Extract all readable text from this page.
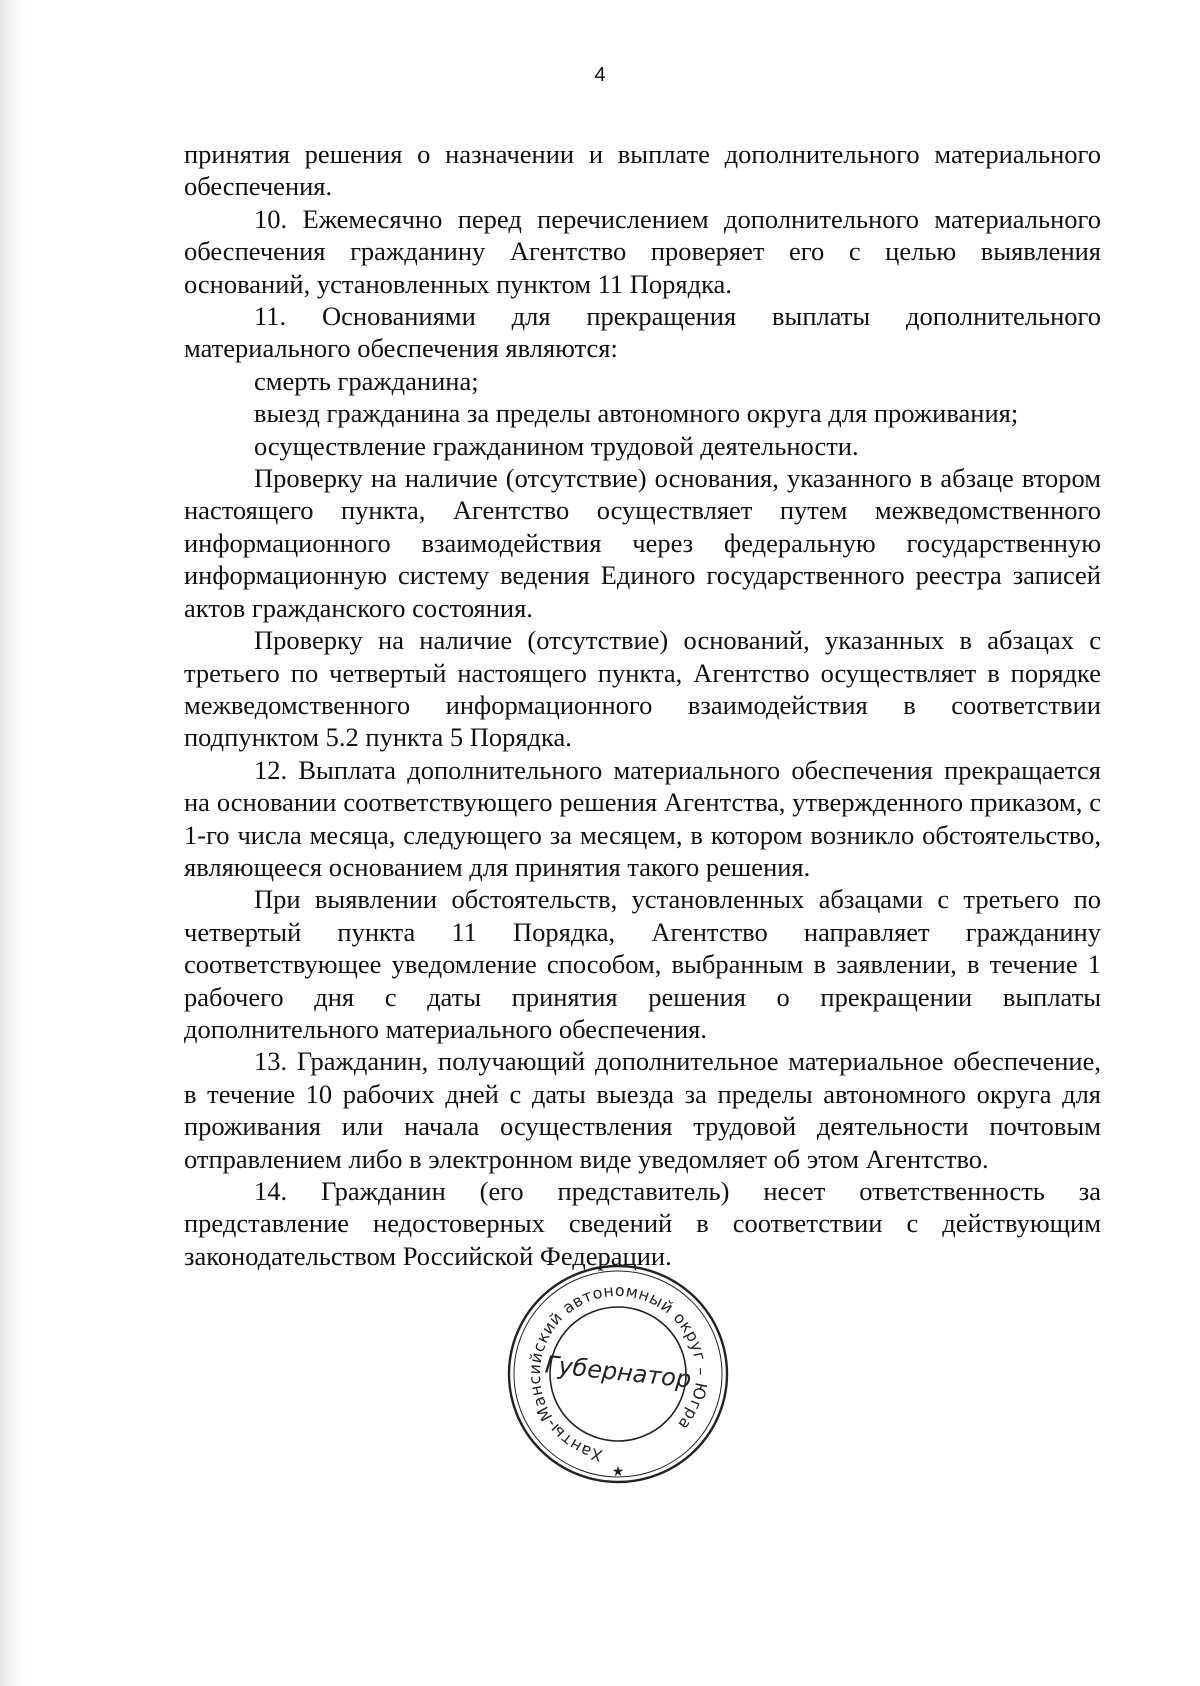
4

принятия решения о назначении и выплате дополнительного материального обеспечения.

10. Ежемесячно перед перечислением дополнительного материального обеспечения гражданину Агентство проверяет его с целью выявления оснований, установленных пунктом 11 Порядка.

11. Основаниями для прекращения выплаты дополнительного материального обеспечения являются:

смерть гражданина;

выезд гражданина за пределы автономного округа для проживания;

осуществление гражданином трудовой деятельности.

Проверку на наличие (отсутствие) основания, указанного в абзаце втором настоящего пункта, Агентство осуществляет путем межведомственного информационного взаимодействия через федеральную государственную информационную систему ведения Единого государственного реестра записей актов гражданского состояния.

Проверку на наличие (отсутствие) оснований, указанных в абзацах с третьего по четвертый настоящего пункта, Агентство осуществляет в порядке межведомственного информационного взаимодействия в соответствии подпунктом 5.2 пункта 5 Порядка.

12. Выплата дополнительного материального обеспечения прекращается на основании соответствующего решения Агентства, утвержденного приказом, с 1-го числа месяца, следующего за месяцем, в котором возникло обстоятельство, являющееся основанием для принятия такого решения.

При выявлении обстоятельств, установленных абзацами с третьего по четвертый пункта 11 Порядка, Агентство направляет гражданину соответствующее уведомление способом, выбранным в заявлении, в течение 1 рабочего дня с даты принятия решения о прекращении выплаты дополнительного материального обеспечения.

13. Гражданин, получающий дополнительное материальное обеспечение, в течение 10 рабочих дней с даты выезда за пределы автономного округа для проживания или начала осуществления трудовой деятельности почтовым отправлением либо в электронном виде уведомляет об этом Агентство.

14. Гражданин (его представитель) несет ответственность за представление недостоверных сведений в соответствии с действующим законодательством Российской Федерации.

Ханты-Мансийский автономный округ – Югра
Губернатор
★
